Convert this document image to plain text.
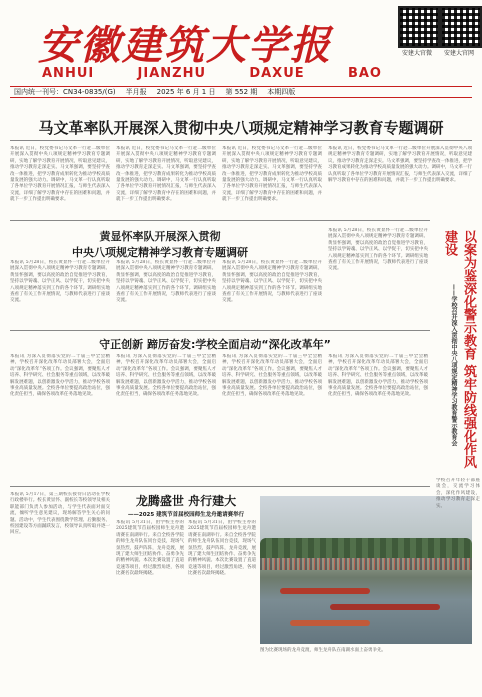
安徽建筑大学报
ANHUI	JIANZHU	DAXUE	BAO
安建大官微	安建大官网
国内统一刊号：CN34-0835/(G) 半月报 2025 年 6 月 1 日 第 552 期 本期四版
马文革率队开展深入贯彻中央八项规定精神学习教育专题调研
本报讯 近日，校党委书记马文革一行赴二级单位开展深入贯彻中央八项规定精神学习教育专题调研，实地了解学习教育开展情况，听取意见建议，推动学习教育走深走实。马文革强调，要坚持学查改一体推进，把学习教育成果转化为推动学校高质量发展的强大动力。调研中，马文革一行认真听取了各单位学习教育开展情况汇报，与师生代表深入交流，详细了解学习教育中存在的困难和问题，并就下一步工作提出明确要求。
本报讯 近日，校党委书记马文革一行赴二级单位开展深入贯彻中央八项规定精神学习教育专题调研，实地了解学习教育开展情况，听取意见建议，推动学习教育走深走实。马文革强调，要坚持学查改一体推进，把学习教育成果转化为推动学校高质量发展的强大动力。调研中，马文革一行认真听取了各单位学习教育开展情况汇报，与师生代表深入交流，详细了解学习教育中存在的困难和问题，并就下一步工作提出明确要求。
本报讯 近日，校党委书记马文革一行赴二级单位开展深入贯彻中央八项规定精神学习教育专题调研，实地了解学习教育开展情况，听取意见建议，推动学习教育走深走实。马文革强调，要坚持学查改一体推进，把学习教育成果转化为推动学校高质量发展的强大动力。调研中，马文革一行认真听取了各单位学习教育开展情况汇报，与师生代表深入交流，详细了解学习教育中存在的困难和问题，并就下一步工作提出明确要求。
本报讯 近日，校党委书记马文革一行赴二级单位开展深入贯彻中央八项规定精神学习教育专题调研，实地了解学习教育开展情况，听取意见建议，推动学习教育走深走实。马文革强调，要坚持学查改一体推进，把学习教育成果转化为推动学校高质量发展的强大动力。调研中，马文革一行认真听取了各单位学习教育开展情况汇报，与师生代表深入交流，详细了解学习教育中存在的困难和问题，并就下一步工作提出明确要求。
黄显怀率队开展深入贯彻
中央八项规定精神学习教育专题调研
本报讯 5月28日，校长黄显怀一行赴二级单位开展深入贯彻中央八项规定精神学习教育专题调研。黄显怀强调，要以高度的政治自觉推进学习教育，坚持以学铸魂、以学正风、以学促干，切实把中央八项规定精神落实到工作的各个环节。调研组实地查看了有关工作开展情况，与教师代表进行了座谈交流。
本报讯 5月28日，校长黄显怀一行赴二级单位开展深入贯彻中央八项规定精神学习教育专题调研。黄显怀强调，要以高度的政治自觉推进学习教育，坚持以学铸魂、以学正风、以学促干，切实把中央八项规定精神落实到工作的各个环节。调研组实地查看了有关工作开展情况，与教师代表进行了座谈交流。
本报讯 5月28日，校长黄显怀一行赴二级单位开展深入贯彻中央八项规定精神学习教育专题调研。黄显怀强调，要以高度的政治自觉推进学习教育，坚持以学铸魂、以学正风、以学促干，切实把中央八项规定精神落实到工作的各个环节。调研组实地查看了有关工作开展情况，与教师代表进行了座谈交流。
本报讯 5月28日，校长黄显怀一行赴二级单位开展深入贯彻中央八项规定精神学习教育专题调研。黄显怀强调，要以高度的政治自觉推进学习教育，坚持以学铸魂、以学正风、以学促干，切实把中央八项规定精神落实到工作的各个环节。调研组实地查看了有关工作开展情况，与教师代表进行了座谈交流。
守正创新 蹄厉奋发:学校全面启动“深化改革年”
本报讯 为深入贯彻落实党的二十届三中全会精神，学校召开深化改革年动员部署大会，全面启动“深化改革年”各项工作。会议强调，要聚焦人才培养、科学研究、社会服务等重点领域，以改革破解发展难题，以创新激发办学活力，推动学校各项事业高质量发展。全校各单位要提高政治站位，强化责任担当，确保各项改革任务落地见效。
本报讯 为深入贯彻落实党的二十届三中全会精神，学校召开深化改革年动员部署大会，全面启动“深化改革年”各项工作。会议强调，要聚焦人才培养、科学研究、社会服务等重点领域，以改革破解发展难题，以创新激发办学活力，推动学校各项事业高质量发展。全校各单位要提高政治站位，强化责任担当，确保各项改革任务落地见效。
本报讯 为深入贯彻落实党的二十届三中全会精神，学校召开深化改革年动员部署大会，全面启动“深化改革年”各项工作。会议强调，要聚焦人才培养、科学研究、社会服务等重点领域，以改革破解发展难题，以创新激发办学活力，推动学校各项事业高质量发展。全校各单位要提高政治站位，强化责任担当，确保各项改革任务落地见效。
本报讯 为深入贯彻落实党的二十届三中全会精神，学校召开深化改革年动员部署大会，全面启动“深化改革年”各项工作。会议强调，要聚焦人才培养、科学研究、社会服务等重点领域，以改革破解发展难题，以创新激发办学活力，推动学校各项事业高质量发展。全校各单位要提高政治站位，强化责任担当，确保各项改革任务落地见效。	以案为鉴深化警示教育 筑牢防线强化作风建设
——学校召开深入贯彻中央八项规定精神学习教育警示教育会
本报讯 5月17日，第三期校长接待日活动在学校行政楼举行。校长黄显怀、副校长等校领导及相关职能部门负责人参加活动，与学生代表面对面交流，倾听学生意见建议，现场解答学生关心的问题。活动中，学生代表围绕教学管理、后勤服务、校园建设等方面踊跃发言，校领导认真听取并逐一回应。
龙腾盛世 舟行建大
——2025 建筑节首届校园师生龙舟邀请赛举行
本报讯 5月31日，由学校主办的2025建筑节首届校园师生龙舟邀请赛在南湖举行。来自全校各学院的师生龙舟队伍同台竞技，现场气氛热烈，鼓声阵阵，龙舟竞渡，展现了建大师生团结协作、奋勇争先的精神风貌。本次比赛设置了直道竞速等项目，经过激烈角逐，各项比赛名次最终揭晓。
本报讯 5月31日，由学校主办的2025建筑节首届校园师生龙舟邀请赛在南湖举行。来自全校各学院的师生龙舟队伍同台竞技，现场气氛热烈，鼓声阵阵，龙舟竞渡，展现了建大师生团结协作、奋勇争先的精神风貌。本次比赛设置了直道竞速等项目，经过激烈角逐，各项比赛名次最终揭晓。
图为比赛现场的龙舟竞渡，师生龙舟队在南湖水面上奋勇争先。
学校召开年轻干部座谈会，交流学习体会，深化作风建设，推动学习教育走深走实。
